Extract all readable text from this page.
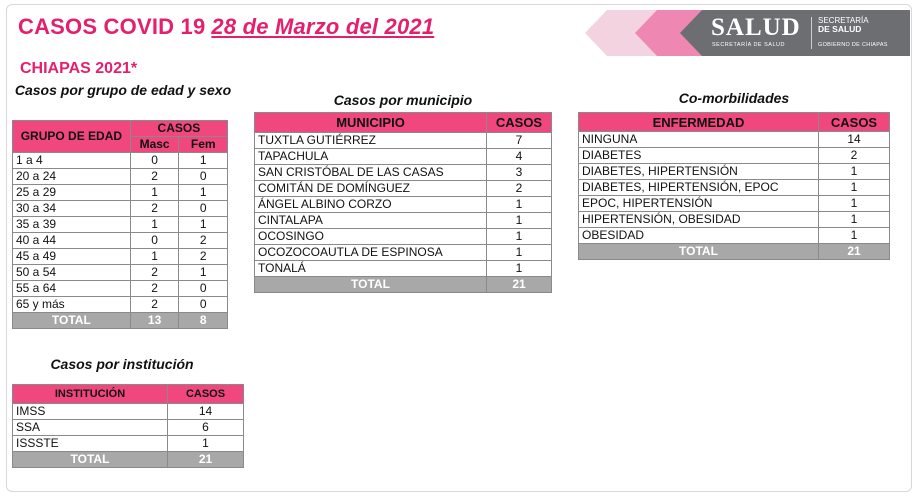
CASOS COVID 19 28 de Marzo del 2021
CHIAPAS 2021*
SALUD
SECRETARÍA DE SALUD
SECRETARÍA
DE SALUD
GOBIERNO DE CHIAPAS
Casos por grupo de edad y sexo
GRUPO DE EDAD	CASOS	
	Masc	Fem
1 a 4	0	1
20 a 24	2	0
25 a 29	1	1
30 a 34	2	0
35 a 39	1	1
40 a 44	0	2
45 a 49	1	2
50 a 54	2	1
55 a 64	2	0
65 y más	2	0
TOTAL	13	8
Casos por institución
INSTITUCIÓN	CASOS
IMSS	14
SSA	6
ISSSTE	1
TOTAL	21
Casos por municipio
MUNICIPIO	CASOS
TUXTLA GUTIÉRREZ	7
TAPACHULA	4
SAN CRISTÓBAL DE LAS CASAS	3
COMITÁN DE DOMÍNGUEZ	2
ÁNGEL ALBINO CORZO	1
CINTALAPA	1
OCOSINGO	1
OCOZOCOAUTLA DE ESPINOSA	1
TONALÁ	1
TOTAL	21
Co-morbilidades
ENFERMEDAD	CASOS
NINGUNA	14
DIABETES	2
DIABETES, HIPERTENSIÓN	1
DIABETES, HIPERTENSIÓN, EPOC	1
EPOC, HIPERTENSIÓN	1
HIPERTENSIÓN, OBESIDAD	1
OBESIDAD	1
TOTAL	21
